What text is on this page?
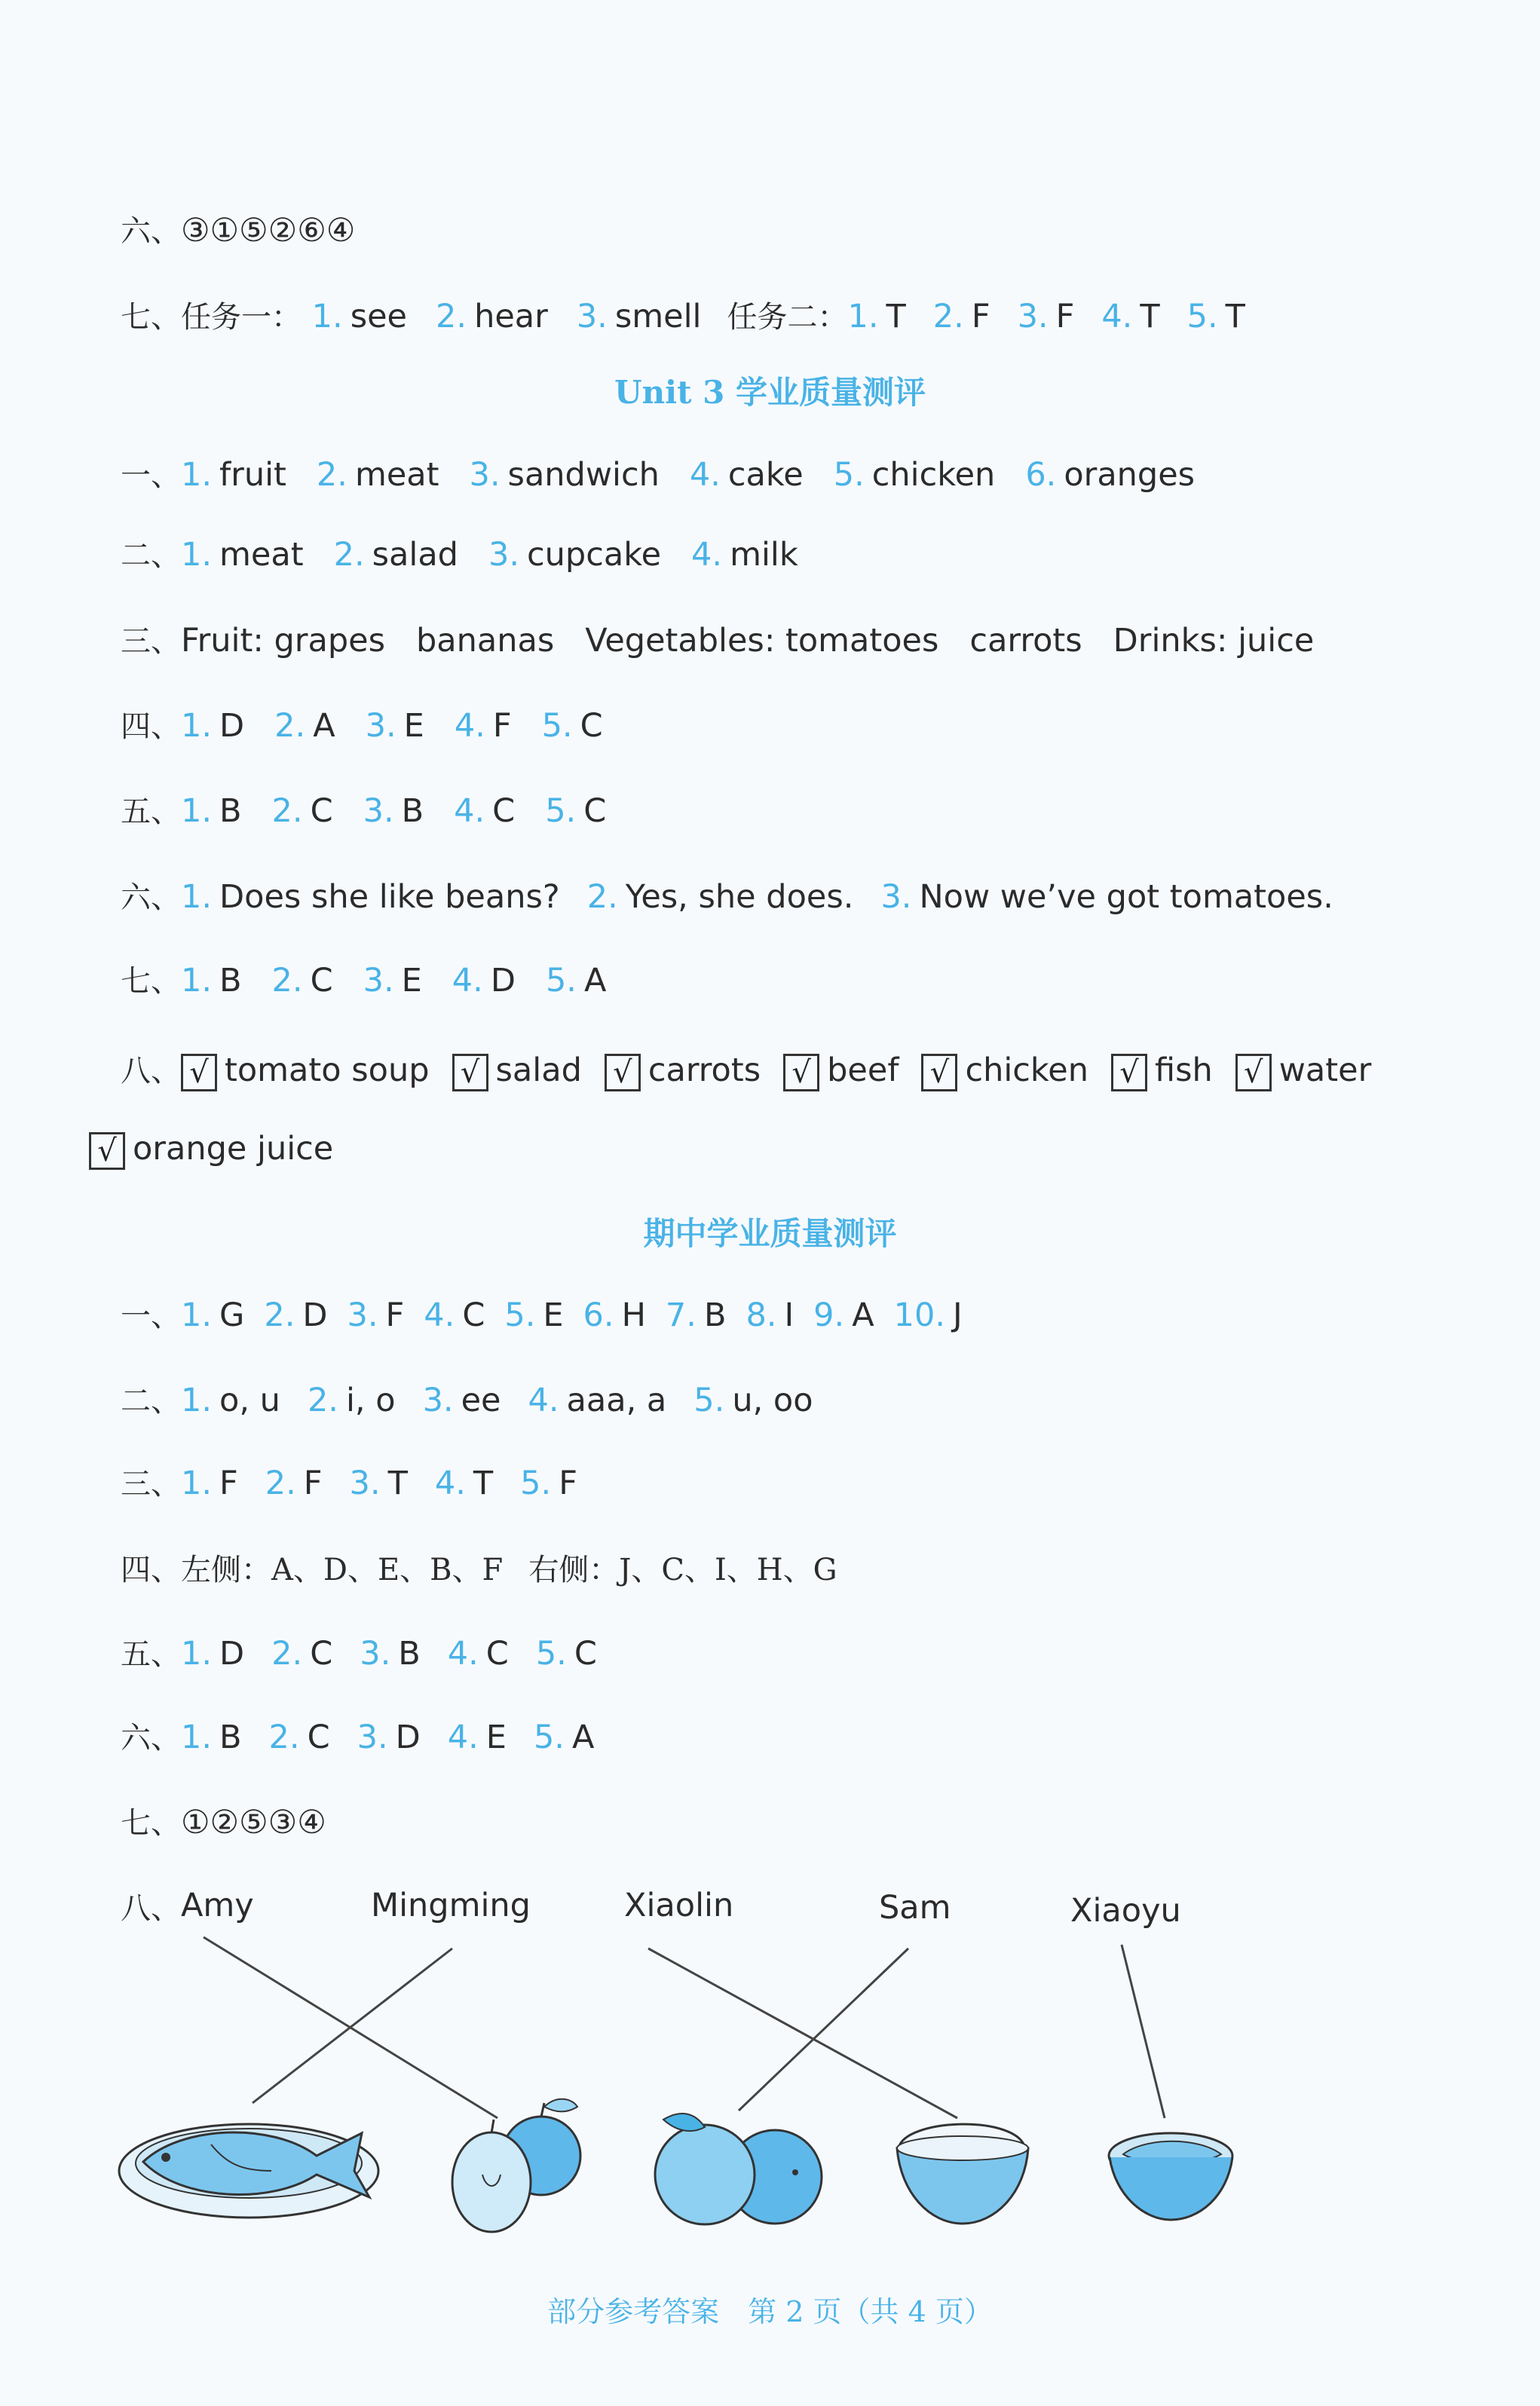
六、③①⑤②⑥④
七、任务一： 1. see 2. hear 3. smell 任务二：1. T 2. F 3. F 4. T 5. T
Unit 3 学业质量测评
一、1. fruit 2. meat 3. sandwich 4. cake 5. chicken 6. oranges
二、1. meat 2. salad 3. cupcake 4. milk
三、Fruit: grapes   bananas   Vegetables: tomatoes   carrots   Drinks: juice
四、1. D 2. A 3. E 4. F 5. C
五、1. B 2. C 3. B 4. C 5. C
六、1. Does she like beans? 2. Yes, she does. 3. Now we’ve got tomatoes.
七、1. B 2. C 3. E 4. D 5. A
八、 √ tomato soup √ salad √ carrots √ beef √ chicken √ fish √ water
√ orange juice
期中学业质量测评
一、1. G 2. D 3. F 4. C 5. E 6. H 7. B 8. I 9. A 10. J
二、1. o, u 2. i, o 3. ee 4. aaa, a 5. u, oo
三、1. F 2. F 3. T 4. T 5. F
四、左侧：A、D、E、B、F 右侧：J、C、I、H、G
五、1. D 2. C 3. B 4. C 5. C
六、1. B 2. C 3. D 4. E 5. A
七、①②⑤③④
八、 Amy	Mingming	Xiaolin	Sam	Xiaoyu
部分参考答案　第 2 页（共 4 页）
